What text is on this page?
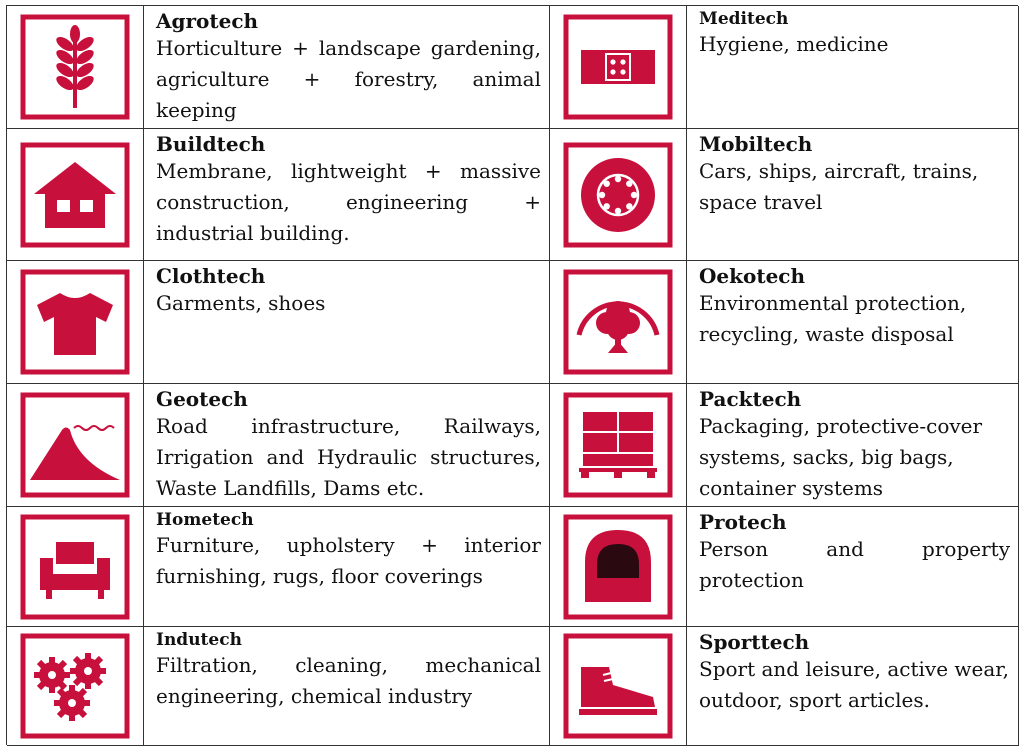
Agrotech

Horticulture + landscape gardening, agriculture + forestry, animal keeping

Meditech

Hygiene, medicine

Buildtech

Membrane, lightweight + massive construction, engineering + industrial building.

Mobiltech

Cars, ships, aircraft, trains, space travel

Clothtech

Garments, shoes

Oekotech

Environmental protection, recycling, waste disposal

Geotech

Road infrastructure, Railways, Irrigation and Hydraulic structures, Waste Landfills, Dams etc.

Packtech

Packaging, protective-cover systems, sacks, big bags, container systems

Hometech

Furniture, upholstery + interior furnishing, rugs, floor coverings

Protech

Person and property protection

Indutech

Filtration, cleaning, mechanical engineering, chemical industry

Sporttech

Sport and leisure, active wear, outdoor, sport articles.
